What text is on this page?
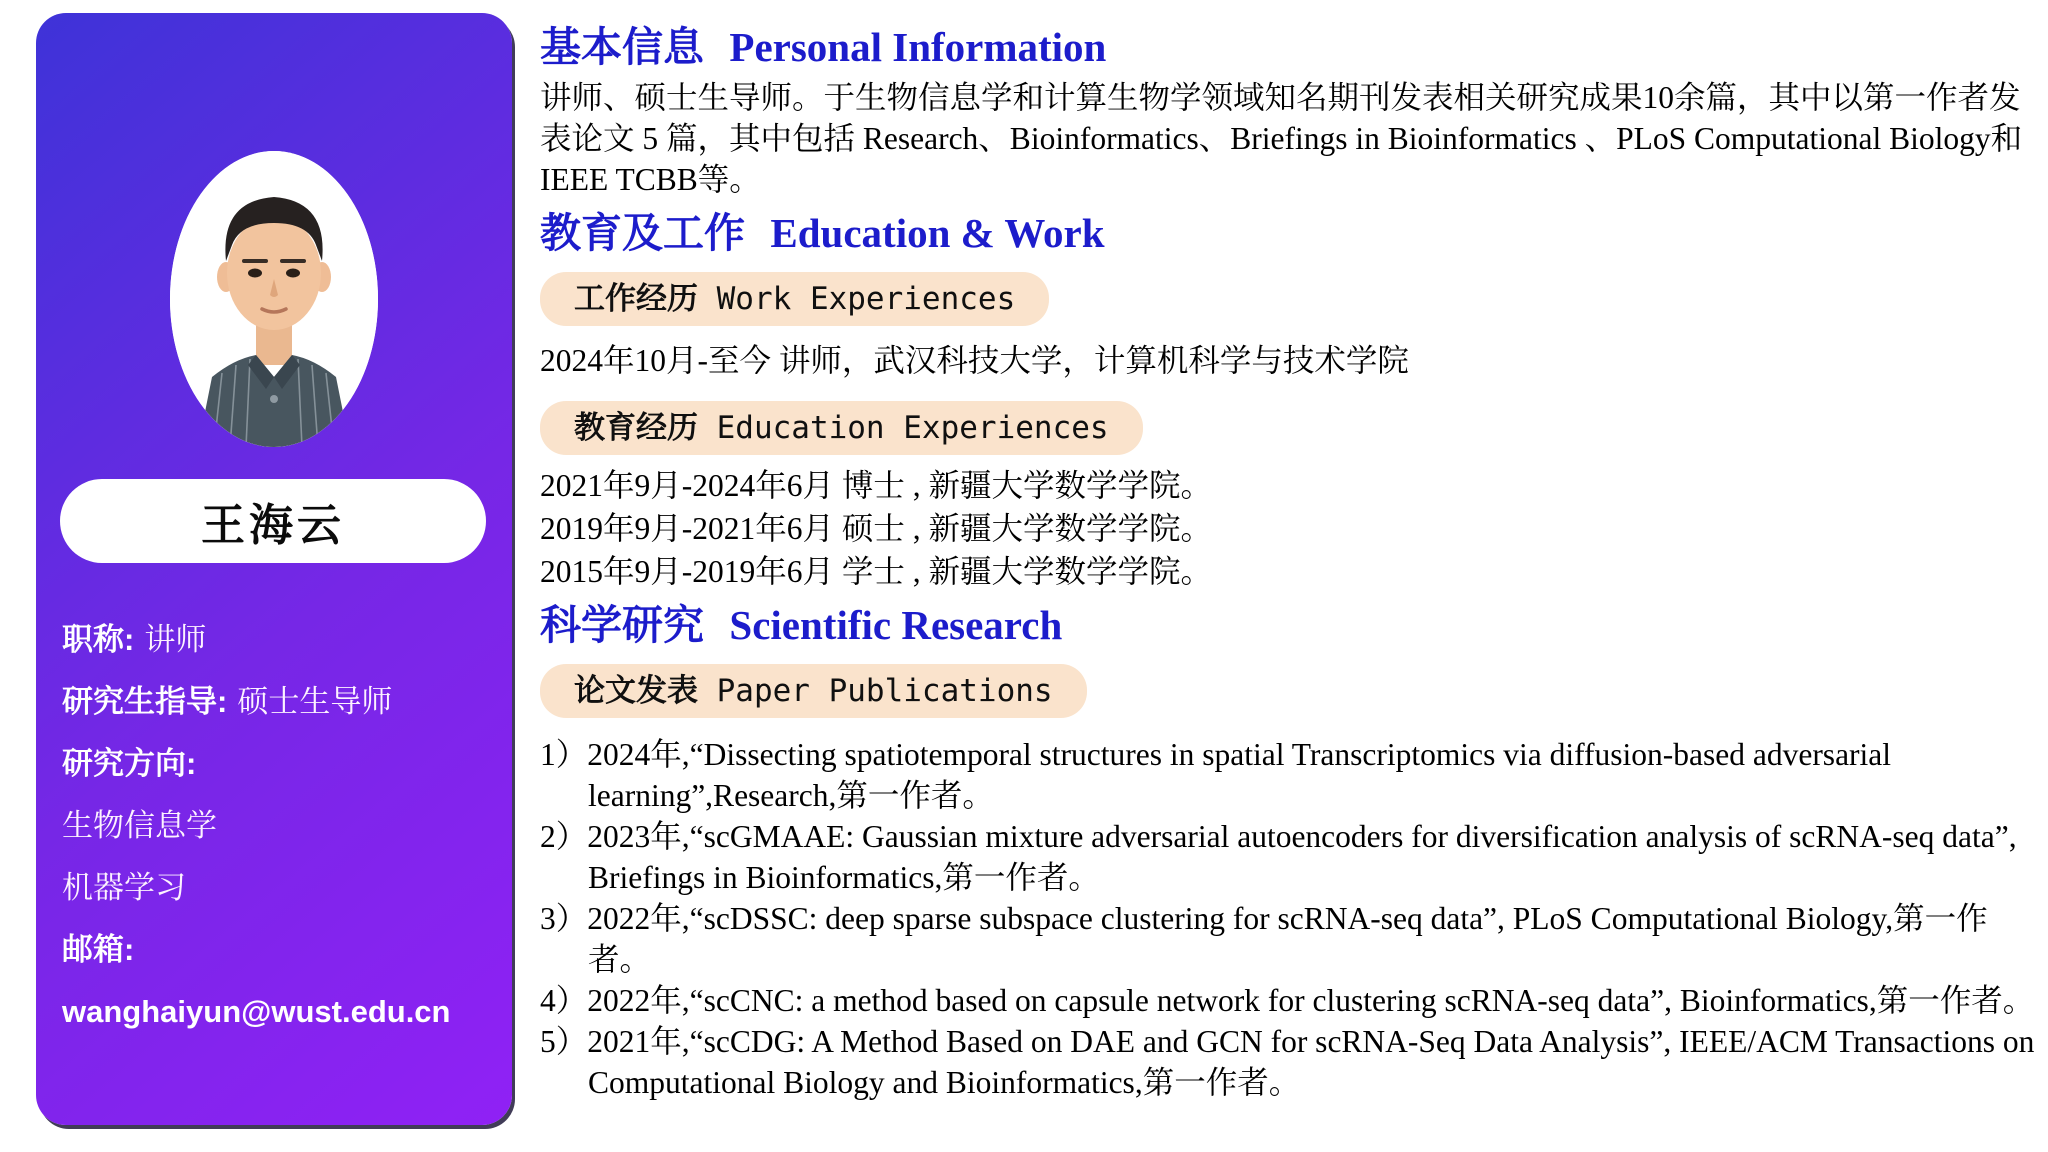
王海云
职称: 讲师
研究生指导: 硕士生导师
研究方向:
生物信息学
机器学习
邮箱:
wanghaiyun@wust.edu.cn
基本信息 Personal Information

讲师、硕士生导师。于生物信息学和计算生物学领域知名期刊发表相关研究成果10余篇，其中以第一作者发表论文 5 篇，其中包括 Research、Bioinformatics、Briefings in Bioinformatics 、PLoS Computational Biology和IEEE TCBB等。

教育及工作 Education & Work
工作经历 Work Experiences
2024年10月-至今 讲师，武汉科技大学，计算机科学与技术学院
教育经历 Education Experiences
2021年9月-2024年6月 博士 , 新疆大学数学学院。
2019年9月-2021年6月 硕士 , 新疆大学数学学院。
2015年9月-2019年6月 学士 , 新疆大学数学学院。
科学研究 Scientific Research
论文发表 Paper Publications

1）2024年,“Dissecting spatiotemporal structures in spatial Transcriptomics via diffusion-based adversarial learning”,Research,第一作者。

2）2023年,“scGMAAE: Gaussian mixture adversarial autoencoders for diversification analysis of scRNA-seq data”, Briefings in Bioinformatics,第一作者。

3）2022年,“scDSSC: deep sparse subspace clustering for scRNA-seq data”, PLoS Computational Biology,第一作者。

4）2022年,“scCNC: a method based on capsule network for clustering scRNA-seq data”, Bioinformatics,第一作者。

5）2021年,“scCDG: A Method Based on DAE and GCN for scRNA-Seq Data Analysis”, IEEE/ACM Transactions on Computational Biology and Bioinformatics,第一作者。
